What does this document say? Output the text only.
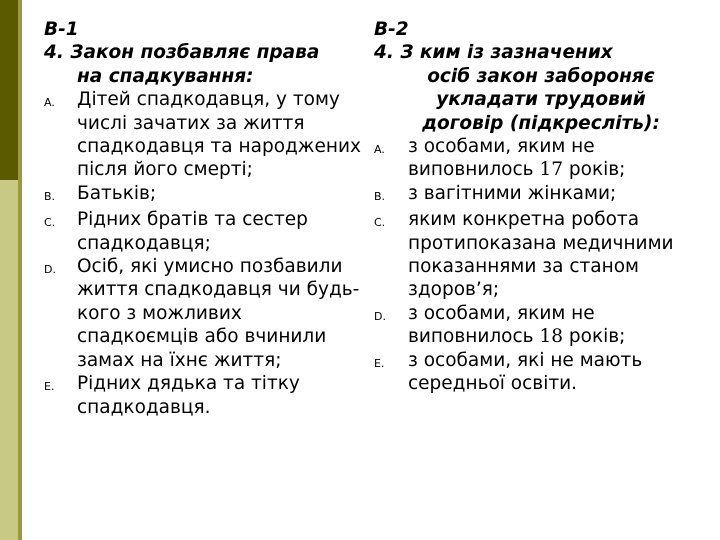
В-1
4. Закон позбавляє права
на спадкування:
A.	Дітей спадкодавця, у тому числі зачатих за життя спадкодавця та народжених після його смерті;
B.	Батьків;
C.	Рідних братів та сестер спадкодавця;
D.	Осіб, які умисно позбавили життя спадкодавця чи будь-кого з можливих спадкоємців або вчинили замах на їхнє життя;
E.	Рідних дядька та тітку спадкодавця.
В-2
4. З ким із зазначених
осіб закон забороняє
укладати трудовий
договір (підкресліть):
A.	з особами, яким не виповнилось 17 років;
B.	з вагітними жінками;
C.	яким конкретна робота протипоказана медичними показаннями за станом здоров’я;
D.	з особами, яким не виповнилось 18 років;
E.	з особами, які не мають середньої освіти.
